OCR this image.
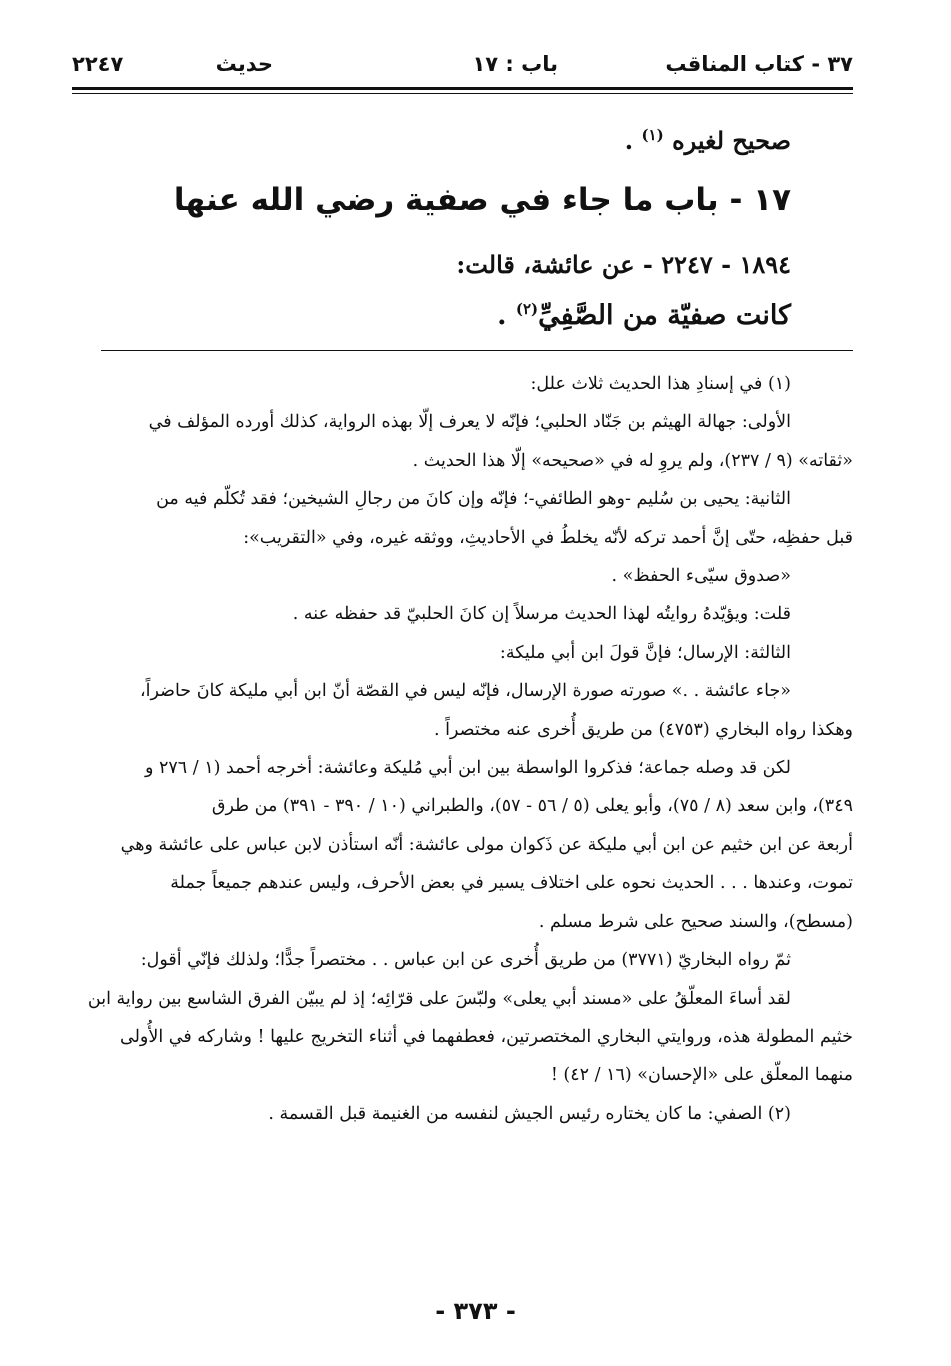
٣٧ - كتاب المناقب
باب : ١٧
حديث
٢٢٤٧
صحيح لغيره $^{(١)}$ .
١٧ - باب ما جاء في صفية رضي الله عنها
١٨٩٤ - ٢٢٤٧ - عن عائشة، قالت:
كانت صفيّة من الصَّفِيِّ$^{(٢)}$ .

(١) في إسنادِ هذا الحديث ثلاث علل:

الأولى: جهالة الهيثم بن جَنّاد الحلبي؛ فإنّه لا يعرف إلّا بهذه الرواية، كذلك أورده المؤلف في

«ثقاته» (٩ / ٢٣٧)، ولم يروِ له في «صحيحه» إلّا هذا الحديث .

الثانية: يحيى بن سُليم -وهو الطائفي-؛ فإنّه وإن كانَ من رجالِ الشيخين؛ فقد تُكلّم فيه من

قبل حفظِه، حتّى إنَّ أحمد تركه لأنّه يخلطُ في الأحاديثِ، ووثقه غيره، وفي «التقريب»:

«صدوق سيّىء الحفظ» .

قلت: ويؤيّدهُ روايتُه لهذا الحديث مرسلاً إن كانَ الحلبيّ قد حفظه عنه .

الثالثة: الإرسال؛ فإنَّ قولَ ابن أبي مليكة:

«جاء عائشة . .» صورته صورة الإرسال، فإنّه ليس في القصّة أنّ ابن أبي مليكة كانَ حاضراً،

وهكذا رواه البخاري (٤٧٥٣) من طريق أُخرى عنه مختصراً .

لكن قد وصله جماعة؛ فذكروا الواسطة بين ابن أبي مُليكة وعائشة: أخرجه أحمد (١ / ٢٧٦ و

٣٤٩)، وابن سعد (٨ / ٧٥)، وأبو يعلى (٥ / ٥٦ - ٥٧)، والطبراني (١٠ / ٣٩٠ - ٣٩١) من طرق

أربعة عن ابن خثيم عن ابن أبي مليكة عن ذَكوان مولى عائشة: أنّه استأذن لابن عباس على عائشة وهي

تموت، وعندها . . . الحديث نحوه على اختلاف يسير في بعض الأحرف، وليس عندهم جميعاً جملة

(مسطح)، والسند صحيح على شرط مسلم .

ثمّ رواه البخاريّ (٣٧٧١) من طريق أُخرى عن ابن عباس . . مختصراً جدًّا؛ ولذلك فإنّي أقول:

لقد أساءَ المعلّقُ على «مسند أبي يعلى» ولبّسَ على قرّائِه؛ إذ لم يبيّن الفرق الشاسع بين رواية ابن

خثيم المطولة هذه، وروايتي البخاري المختصرتين، فعطفهما في أثناء التخريج عليها ! وشاركه في الأُولى

منهما المعلّق على «الإحسان» (١٦ / ٤٢) !

(٢) الصفي: ما كان يختاره رئيس الجيش لنفسه من الغنيمة قبل القسمة .

- ٣٧٣ -
